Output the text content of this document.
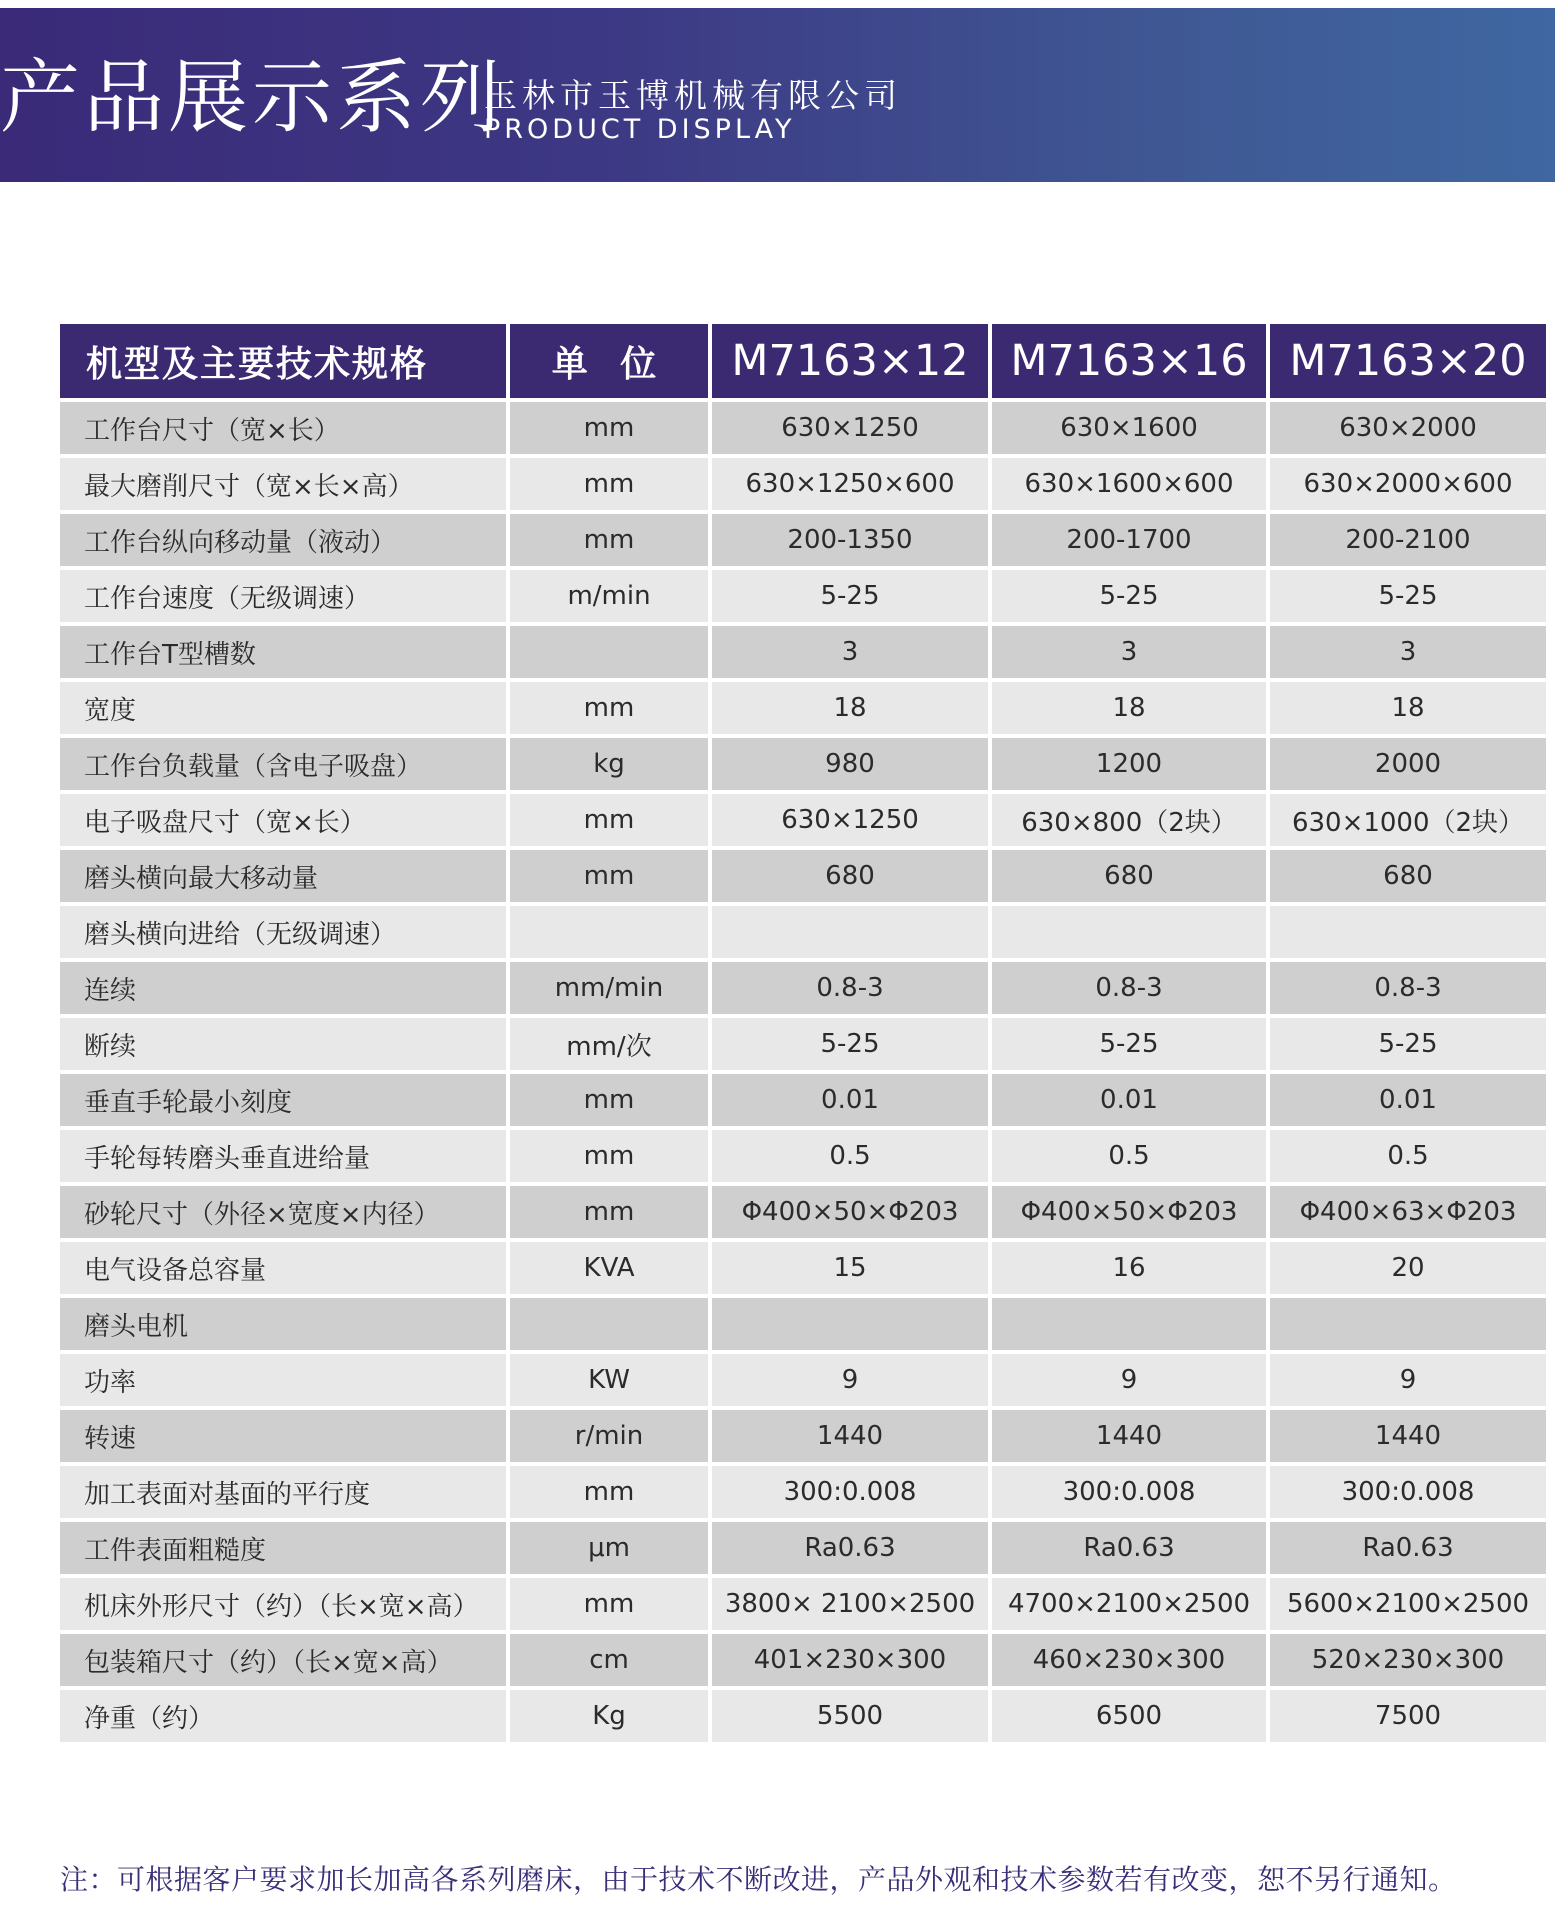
产品展示系列
玉林市玉博机械有限公司
PRODUCT DISPLAY
机型及主要技术规格	单 位	M7163×12	M7163×16	M7163×20
工作台尺寸（宽×长）	mm	630×1250	630×1600	630×2000
最大磨削尺寸（宽×长×高）	mm	630×1250×600	630×1600×600	630×2000×600
工作台纵向移动量（液动）	mm	200-1350	200-1700	200-2100
工作台速度（无级调速）	m/min	5-25	5-25	5-25
工作台T型槽数		3	3	3
宽度	mm	18	18	18
工作台负载量（含电子吸盘）	kg	980	1200	2000
电子吸盘尺寸（宽×长）	mm	630×1250	630×800（2块）	630×1000（2块）
磨头横向最大移动量	mm	680	680	680
磨头横向进给（无级调速）				
连续	mm/min	0.8-3	0.8-3	0.8-3
断续	mm/次	5-25	5-25	5-25
垂直手轮最小刻度	mm	0.01	0.01	0.01
手轮每转磨头垂直进给量	mm	0.5	0.5	0.5
砂轮尺寸（外径×宽度×内径）	mm	Φ400×50×Φ203	Φ400×50×Φ203	Φ400×63×Φ203
电气设备总容量	KVA	15	16	20
磨头电机				
功率	KW	9	9	9
转速	r/min	1440	1440	1440
加工表面对基面的平行度	mm	300:0.008	300:0.008	300:0.008
工件表面粗糙度	μm	Ra0.63	Ra0.63	Ra0.63
机床外形尺寸（约）（长×宽×高）	mm	3800× 2100×2500	4700×2100×2500	5600×2100×2500
包装箱尺寸（约）（长×宽×高）	cm	401×230×300	460×230×300	520×230×300
净重（约）	Kg	5500	6500	7500
注：可根据客户要求加长加高各系列磨床，由于技术不断改进，产品外观和技术参数若有改变，恕不另行通知。
